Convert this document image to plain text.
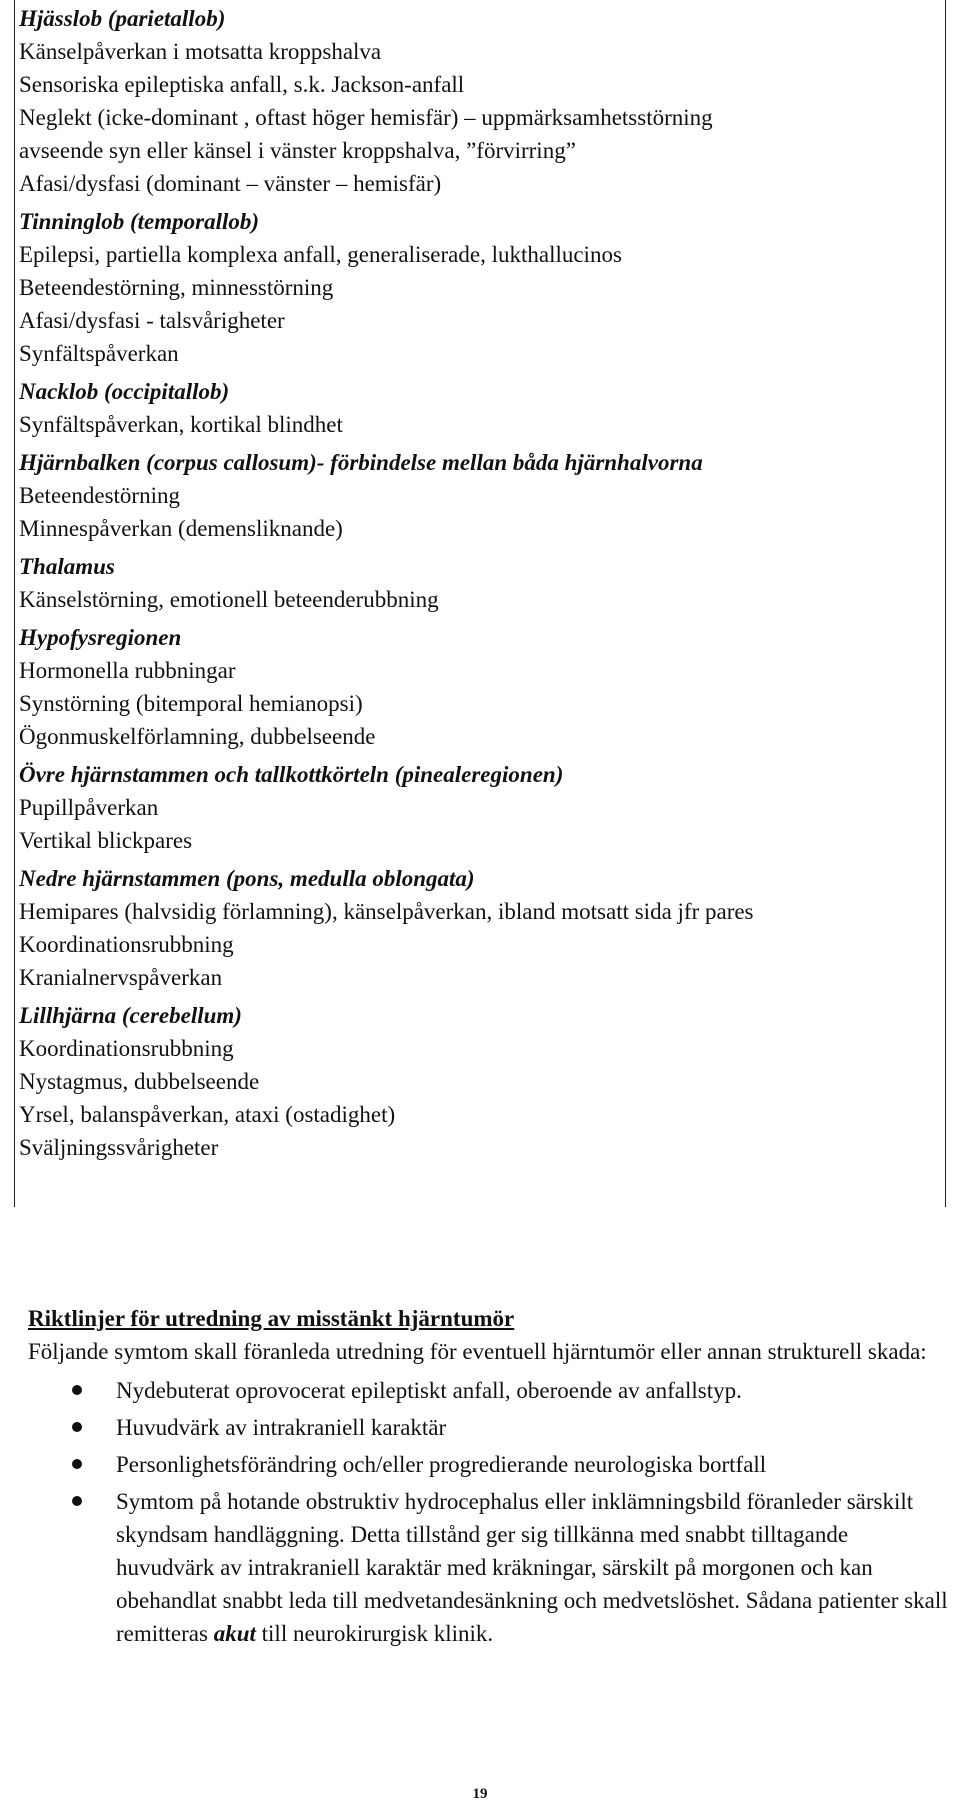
Hjässlob (parietallob)
Känselpåverkan i motsatta kroppshalva
Sensoriska epileptiska anfall, s.k. Jackson-anfall
Neglekt (icke-dominant , oftast höger hemisfär) – uppmärksamhetsstörning
avseende syn eller känsel i vänster kroppshalva, ”förvirring”
Afasi/dysfasi (dominant – vänster – hemisfär)
Tinninglob (temporallob)
Epilepsi, partiella komplexa anfall, generaliserade, lukthallucinos
Beteendestörning, minnesstörning
Afasi/dysfasi - talsvårigheter
Synfältspåverkan
Nacklob (occipitallob)
Synfältspåverkan, kortikal blindhet
Hjärnbalken (corpus callosum)- förbindelse mellan båda hjärnhalvorna
Beteendestörning
Minnespåverkan (demensliknande)
Thalamus
Känselstörning, emotionell beteenderubbning
Hypofysregionen
Hormonella rubbningar
Synstörning (bitemporal hemianopsi)
Ögonmuskelförlamning, dubbelseende
Övre hjärnstammen och tallkottkörteln (pinealeregionen)
Pupillpåverkan
Vertikal blickpares
Nedre hjärnstammen (pons, medulla oblongata)
Hemipares (halvsidig förlamning), känselpåverkan, ibland motsatt sida jfr pares
Koordinationsrubbning
Kranialnervspåverkan
Lillhjärna (cerebellum)
Koordinationsrubbning
Nystagmus, dubbelseende
Yrsel, balanspåverkan, ataxi (ostadighet)
Sväljningssvårigheter
Riktlinjer för utredning av misstänkt hjärntumör

Följande symtom skall föranleda utredning för eventuell hjärntumör eller annan strukturell skada:

Nydebuterat oprovocerat epileptiskt anfall, oberoende av anfallstyp.
Huvudvärk av intrakraniell karaktär
Personlighetsförändring och/eller progredierande neurologiska bortfall
Symtom på hotande obstruktiv hydrocephalus eller inklämningsbild föranleder särskilt skyndsam handläggning. Detta tillstånd ger sig tillkänna med snabbt tilltagande huvudvärk av intrakraniell karaktär med kräkningar, särskilt på morgonen och kan obehandlat snabbt leda till medvetandesänkning och medvetslöshet. Sådana patienter skall remitteras akut till neurokirurgisk klinik.
19
